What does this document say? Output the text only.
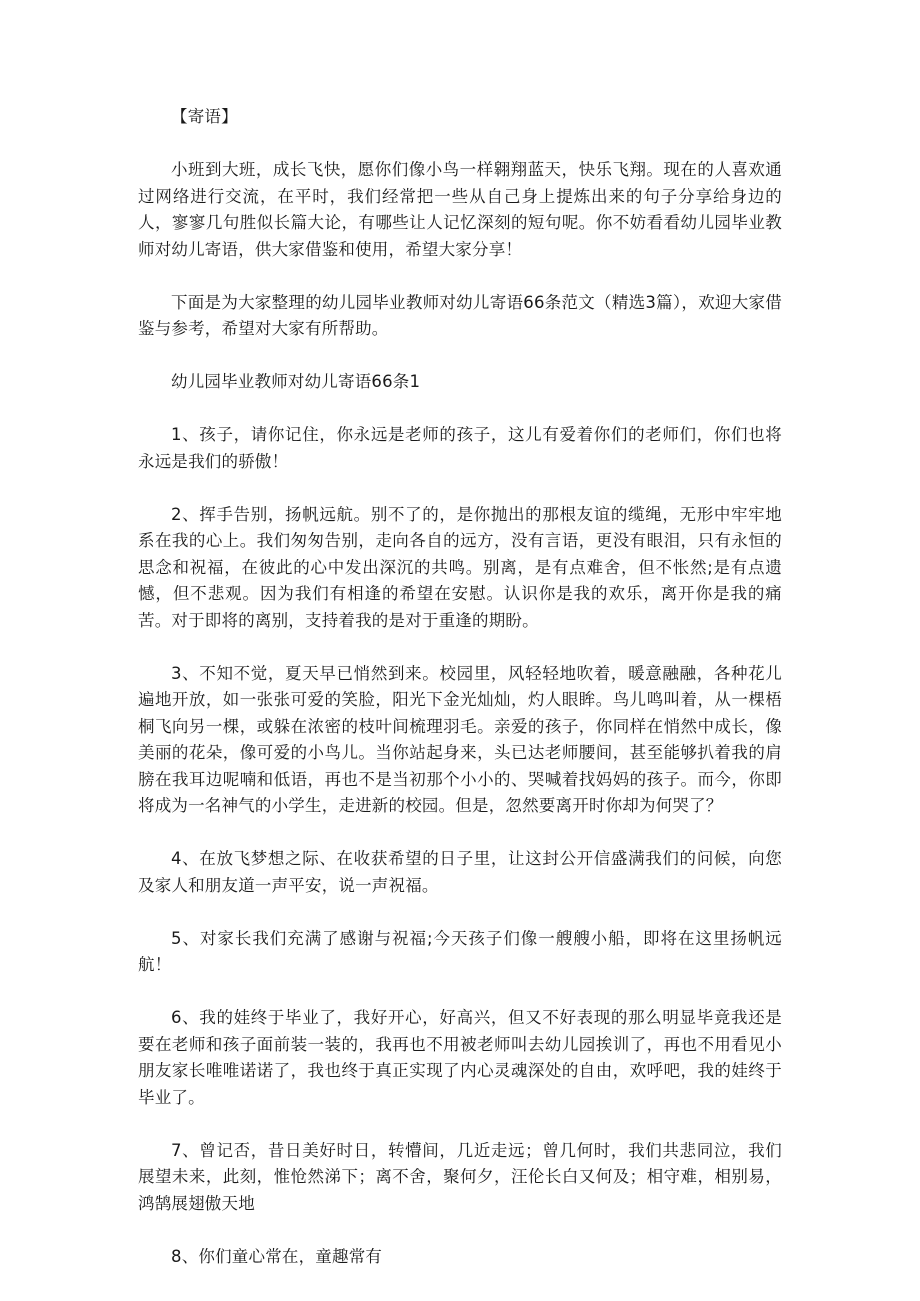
【寄语】

小班到大班，成长飞快，愿你们像小鸟一样翱翔蓝天，快乐飞翔。现在的人喜欢通过网络进行交流，在平时，我们经常把一些从自己身上提炼出来的句子分享给身边的人，寥寥几句胜似长篇大论，有哪些让人记忆深刻的短句呢。你不妨看看幼儿园毕业教师对幼儿寄语，供大家借鉴和使用，希望大家分享！

下面是为大家整理的幼儿园毕业教师对幼儿寄语66条范文（精选3篇），欢迎大家借鉴与参考，希望对大家有所帮助。

幼儿园毕业教师对幼儿寄语66条1

1、孩子，请你记住，你永远是老师的孩子，这儿有爱着你们的老师们，你们也将永远是我们的骄傲！

2、挥手告别，扬帆远航。别不了的，是你抛出的那根友谊的缆绳，无形中牢牢地系在我的心上。我们匆匆告别，走向各自的远方，没有言语，更没有眼泪，只有永恒的思念和祝福，在彼此的心中发出深沉的共鸣。别离，是有点难舍，但不怅然;是有点遗憾，但不悲观。因为我们有相逢的希望在安慰。认识你是我的欢乐，离开你是我的痛苦。对于即将的离别，支持着我的是对于重逢的期盼。

3、不知不觉，夏天早已悄然到来。校园里，风轻轻地吹着，暖意融融，各种花儿遍地开放，如一张张可爱的笑脸，阳光下金光灿灿，灼人眼眸。鸟儿鸣叫着，从一棵梧桐飞向另一棵，或躲在浓密的枝叶间梳理羽毛。亲爱的孩子，你同样在悄然中成长，像美丽的花朵，像可爱的小鸟儿。当你站起身来，头已达老师腰间，甚至能够扒着我的肩膀在我耳边呢喃和低语，再也不是当初那个小小的、哭喊着找妈妈的孩子。而今，你即将成为一名神气的小学生，走进新的校园。但是，忽然要离开时你却为何哭了？

4、在放飞梦想之际、在收获希望的日子里，让这封公开信盛满我们的问候，向您及家人和朋友道一声平安，说一声祝福。

5、对家长我们充满了感谢与祝福;今天孩子们像一艘艘小船，即将在这里扬帆远航！

6、我的娃终于毕业了，我好开心，好高兴，但又不好表现的那么明显毕竟我还是要在老师和孩子面前装一装的，我再也不用被老师叫去幼儿园挨训了，再也不用看见小朋友家长唯唯诺诺了，我也终于真正实现了内心灵魂深处的自由，欢呼吧，我的娃终于毕业了。

7、曾记否，昔日美好时日，转懵间，几近走远；曾几何时，我们共悲同泣，我们展望未来，此刻，惟怆然涕下；离不舍，聚何夕，汪伦长白又何及；相守难，相别易，鸿鹄展翅傲天地

8、你们童心常在，童趣常有
